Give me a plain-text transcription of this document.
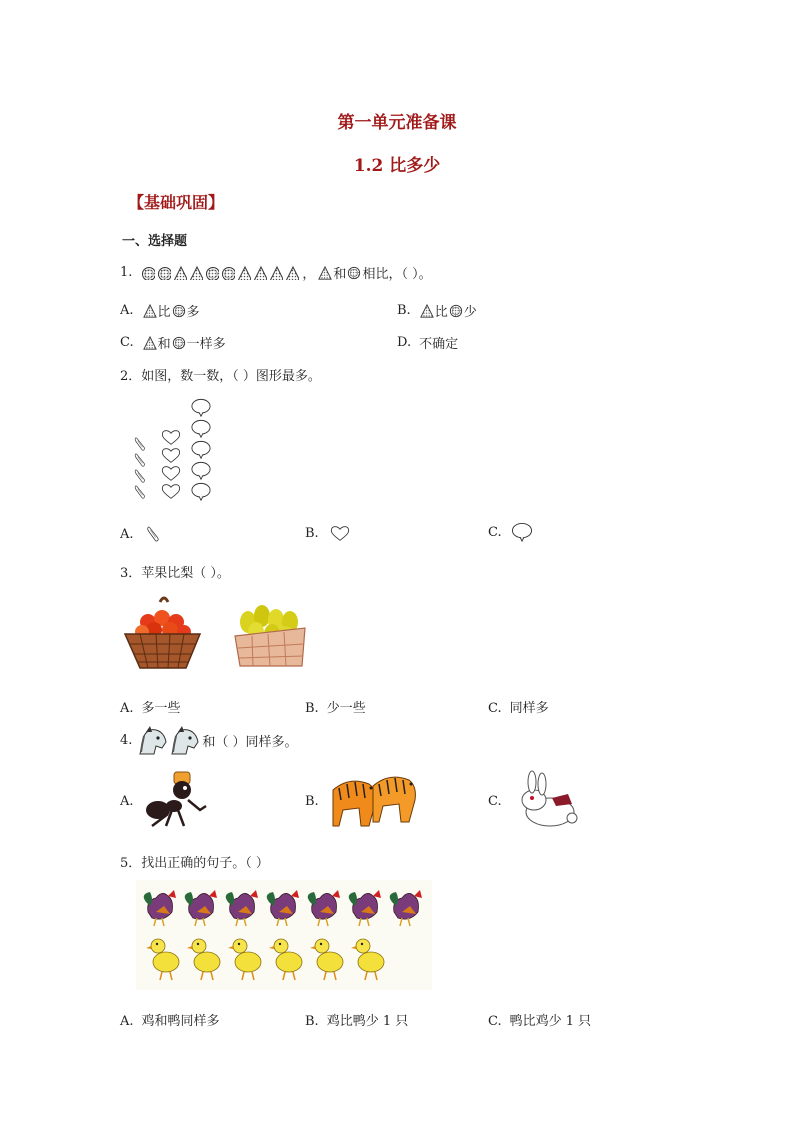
第一单元准备课
1.2 比多少
【基础巩固】
一、选择题
1.	， 和 相比，（ ）。
A. 比 多	B. 比 少
C. 和 一样多	D. 不确定
2．如图，数一数，（ ）图形最多。
A.	B.	C.
3．苹果比梨（ ）。
A. 多一些	B. 少一些	C. 同样多
4.	和（ ）同样多。
A.	B.	C.
5．找出正确的句子。（ ）
A. 鸡和鸭同样多	B. 鸡比鸭少 1 只	C. 鸭比鸡少 1 只
